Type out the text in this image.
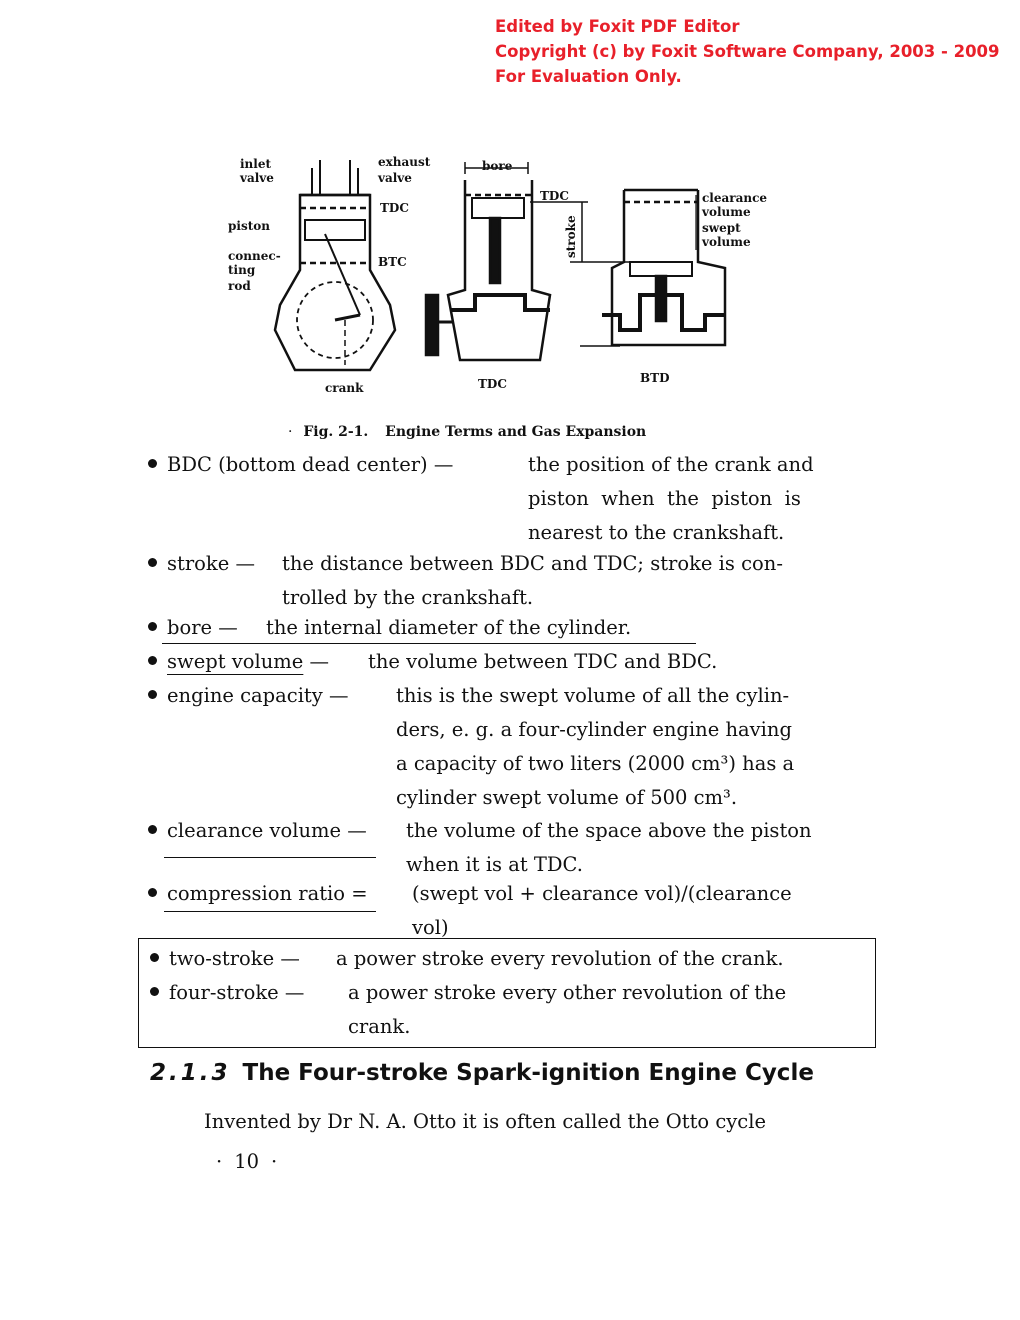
Edited by Foxit PDF Editor
Copyright (c) by Foxit Software Company, 2003 - 2009
For Evaluation Only.
inlet
valve
exhaust
valve
TDC
piston
connec-
ting
rod
BTC
crank
bore
TDC
stroke
TDC
clearance
volume
swept
volume
BTD
· Fig. 2-1. Engine Terms and Gas Expansion
BDC (bottom dead center) —	the position of the crank and
piston  when  the  piston  is
nearest to the crankshaft.
stroke — the distance between BDC and TDC; stroke is con-
trolled by the crankshaft.
bore — the internal diameter of the cylinder.
swept volume — the volume between TDC and BDC.
engine capacity — this is the swept volume of all the cylin-
ders, e. g. a four-cylinder engine having
a capacity of two liters (2000 cm³) has a
cylinder swept volume of 500 cm³.
clearance volume — the volume of the space above the piston
when it is at TDC.
compression ratio = (swept vol + clearance vol)/(clearance
vol)
two-stroke — a power stroke every revolution of the crank.
four-stroke — a power stroke every other revolution of the
crank.
2.1.3 The Four-stroke Spark-ignition Engine Cycle
Invented by Dr N. A. Otto it is often called the Otto cycle
· 10 ·
